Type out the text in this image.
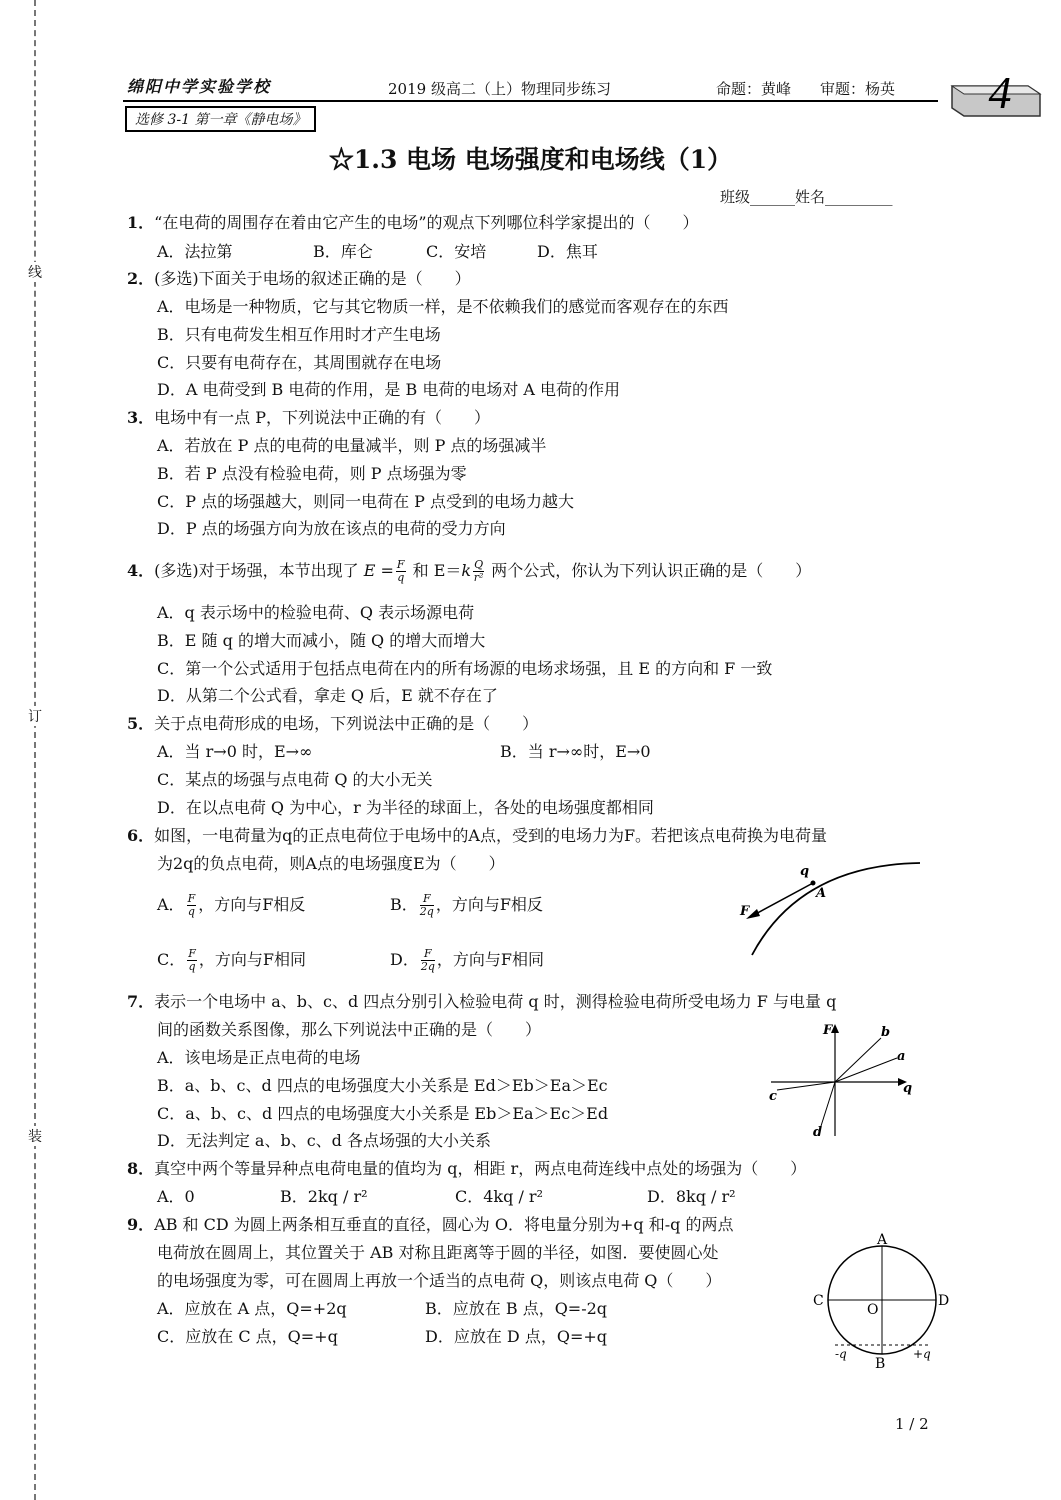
线
订
装
绵阳中学实验学校	2019 级高二（上）物理同步练习	命题：黄峰 审题：杨英 4
选修 3-1 第一章《静电场》
☆1.3 电场 电场强度和电场线（1）
班级______姓名_________
1．“在电荷的周围存在着由它产生的电场”的观点下列哪位科学家提出的（　　）
A．法拉第	B．库仑	C．安培	D．焦耳
2．(多选)下面关于电场的叙述正确的是（　　）
A．电场是一种物质，它与其它物质一样，是不依赖我们的感觉而客观存在的东西
B．只有电荷发生相互作用时才产生电场
C．只要有电荷存在，其周围就存在电场
D．A 电荷受到 B 电荷的作用，是 B 电荷的电场对 A 电荷的作用
3．电场中有一点 P，下列说法中正确的有（　　）
A．若放在 P 点的电荷的电量减半，则 P 点的场强减半
B．若 P 点没有检验电荷，则 P 点场强为零
C．P 点的场强越大，则同一电荷在 P 点受到的电场力越大
D．P 点的场强方向为放在该点的电荷的受力方向
4．(多选)对于场强，本节出现了 $E = \frac{F}{q}$ 和 $E=k \frac{Q}{\text{r²}}$ 两个公式，你认为下列认识正确的是（　　）
A．q 表示场中的检验电荷、Q 表示场源电荷
B．E 随 q 的增大而减小，随 Q 的增大而增大
C．第一个公式适用于包括点电荷在内的所有场源的电场求场强，且 E 的方向和 F 一致
D．从第二个公式看，拿走 Q 后，E 就不存在了
5．关于点电荷形成的电场，下列说法中正确的是（　　）
A．当 r→0 时，E→∞	B．当 r→∞时，E→0
C．某点的场强与点电荷 Q 的大小无关
D．在以点电荷 Q 为中心，r 为半径的球面上，各处的电场强度都相同
6．如图，一电荷量为q的正点电荷位于电场中的A点，受到的电场力为F。若把该点电荷换为电荷量
为2q的负点电荷，则A点的电场强度E为（　　）
A． $\frac{F}{q}$ ，方向与F相反	B． $\frac{F}{2q}$ ，方向与F相反
C． $\frac{F}{q}$ ，方向与F相同	D． $\frac{F}{2q}$ ，方向与F相同
q
A
F
7．表示一个电场中 a、b、c、d 四点分别引入检验电荷 q 时，测得检验电荷所受电场力 F 与电量 q
间的函数关系图像，那么下列说法中正确的是（　　）
A．该电场是正点电荷的电场
B．a、b、c、d 四点的电场强度大小关系是 Ed＞Eb＞Ea＞Ec
C．a、b、c、d 四点的电场强度大小关系是 Eb＞Ea＞Ec＞Ed
D．无法判定 a、b、c、d 各点场强的大小关系
F
q
a
b
c
d
8．真空中两个等量异种点电荷电量的值均为 q，相距 r，两点电荷连线中点处的场强为（　　）
A．0	B．2kq / r²	C．4kq / r²	D．8kq / r²
9．AB 和 CD 为圆上两条相互垂直的直径，圆心为 O．将电量分别为+q 和-q 的两点
电荷放在圆周上，其位置关于 AB 对称且距离等于圆的半径，如图．要使圆心处
的电场强度为零，可在圆周上再放一个适当的点电荷 Q，则该点电荷 Q（　　）
A．应放在 A 点，Q=+2q	B．应放在 B 点，Q=-2q
C．应放在 C 点，Q=+q	D．应放在 D 点，Q=+q
A
B
C	D
O
-q	+q
1 / 2
